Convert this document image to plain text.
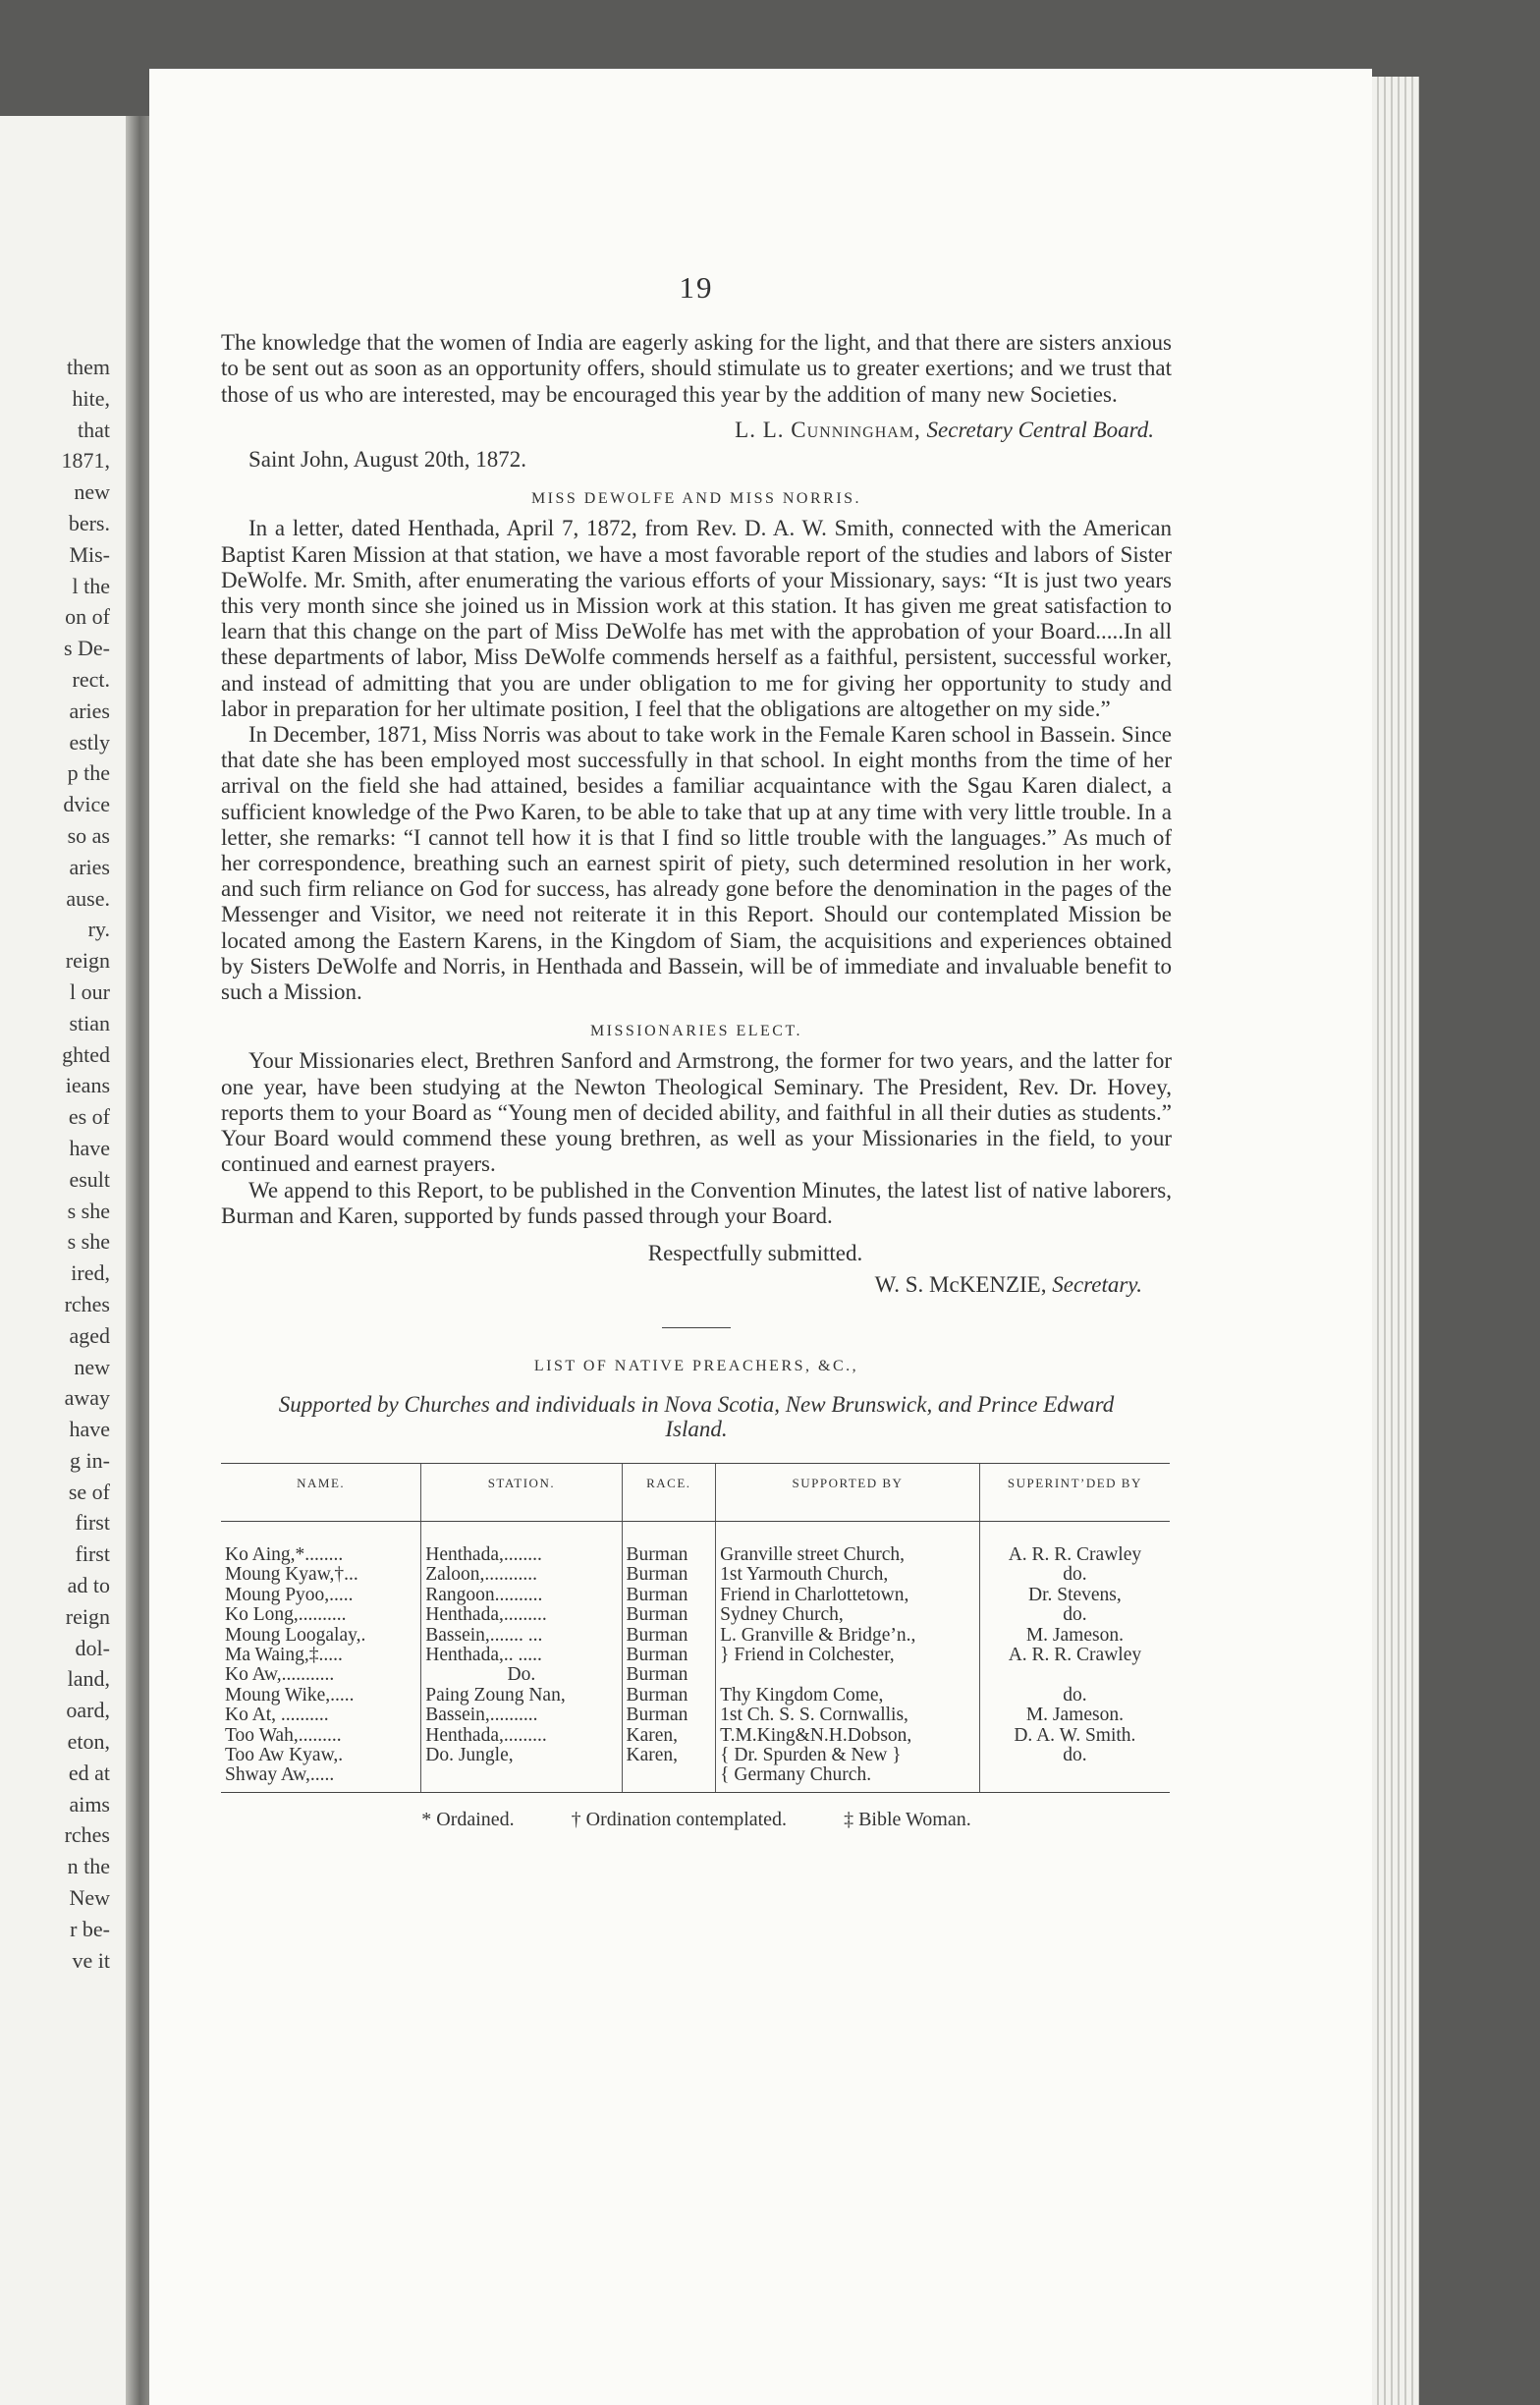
them
hite,
that
1871,
new
bers.
Mis-
l the
on of
s De-
rect.
aries
estly
p the
dvice
so as
aries
ause.
ry.
reign
l our
stian
ghted
ieans
es of
have
esult
s she
s she
ired,
rches
aged
new
away
have
g in-
se of
first
first
ad to
reign
dol-
land,
oard,
eton,
ed at
aims
rches
n the
New
r be-
ve it
19

The knowledge that the women of India are eagerly asking for the light, and that there are sisters anxious to be sent out as soon as an opportunity offers, should stimulate us to greater exertions; and we trust that those of us who are interested, may be encouraged this year by the addition of many new Societies.

L. L. Cunningham, Secretary Central Board.

Saint John, August 20th, 1872.

MISS DEWOLFE AND MISS NORRIS.

In a letter, dated Henthada, April 7, 1872, from Rev. D. A. W. Smith, connected with the American Baptist Karen Mission at that station, we have a most favorable report of the studies and labors of Sister DeWolfe. Mr. Smith, after enumerating the various efforts of your Missionary, says: “It is just two years this very month since she joined us in Mission work at this station. It has given me great satisfaction to learn that this change on the part of Miss DeWolfe has met with the approbation of your Board.....In all these departments of labor, Miss DeWolfe commends herself as a faithful, persistent, successful worker, and instead of admitting that you are under obligation to me for giving her opportunity to study and labor in preparation for her ultimate position, I feel that the obligations are altogether on my side.”

In December, 1871, Miss Norris was about to take work in the Female Karen school in Bassein. Since that date she has been employed most successfully in that school. In eight months from the time of her arrival on the field she had attained, besides a familiar acquaintance with the Sgau Karen dialect, a sufficient knowledge of the Pwo Karen, to be able to take that up at any time with very little trouble. In a letter, she remarks: “I cannot tell how it is that I find so little trouble with the languages.” As much of her correspondence, breathing such an earnest spirit of piety, such determined resolution in her work, and such firm reliance on God for success, has already gone before the denomination in the pages of the Messenger and Visitor, we need not reiterate it in this Report. Should our contemplated Mission be located among the Eastern Karens, in the Kingdom of Siam, the acquisitions and experiences obtained by Sisters DeWolfe and Norris, in Henthada and Bassein, will be of immediate and invaluable benefit to such a Mission.

MISSIONARIES ELECT.

Your Missionaries elect, Brethren Sanford and Armstrong, the former for two years, and the latter for one year, have been studying at the Newton Theological Seminary. The President, Rev. Dr. Hovey, reports them to your Board as “Young men of decided ability, and faithful in all their duties as students.” Your Board would commend these young brethren, as well as your Missionaries in the field, to your continued and earnest prayers.

We append to this Report, to be published in the Convention Minutes, the latest list of native laborers, Burman and Karen, supported by funds passed through your Board.

Respectfully submitted.

W. S. McKENZIE, Secretary.

LIST OF NATIVE PREACHERS, &C.,
Supported by Churches and individuals in Nova Scotia, New Brunswick, and Prince Edward Island.
NAME.	STATION.	RACE.	SUPPORTED BY	SUPERINT’DED BY
Ko Aing,*........	Henthada,........	Burman	Granville street Church,	A. R. R. Crawley
Moung Kyaw,†...	Zaloon,...........	Burman	1st Yarmouth Church,	do.
Moung Pyoo,.....	Rangoon..........	Burman	Friend in Charlottetown,	Dr. Stevens,
Ko Long,..........	Henthada,.........	Burman	Sydney Church,	do.
Moung Loogalay,.	Bassein,....... ...	Burman	L. Granville & Bridge’n.,	M. Jameson.
Ma Waing,‡.....	Henthada,.. .....	Burman	} Friend in Colchester,	A. R. R. Crawley
Ko Aw,...........	Do.	Burman		
Moung Wike,.....	Paing Zoung Nan,	Burman	Thy Kingdom Come,	do.
Ko At, ..........	Bassein,..........	Burman	1st Ch. S. S. Cornwallis,	M. Jameson.
Too Wah,.........	Henthada,.........	Karen,	T.M.King&N.H.Dobson,	D. A. W. Smith.
Too Aw Kyaw,.	Do. Jungle,	Karen,	{ Dr. Spurden & New }	do.
Shway Aw,.....			{ Germany Church.	
* Ordained.	† Ordination contemplated.	‡ Bible Woman.
